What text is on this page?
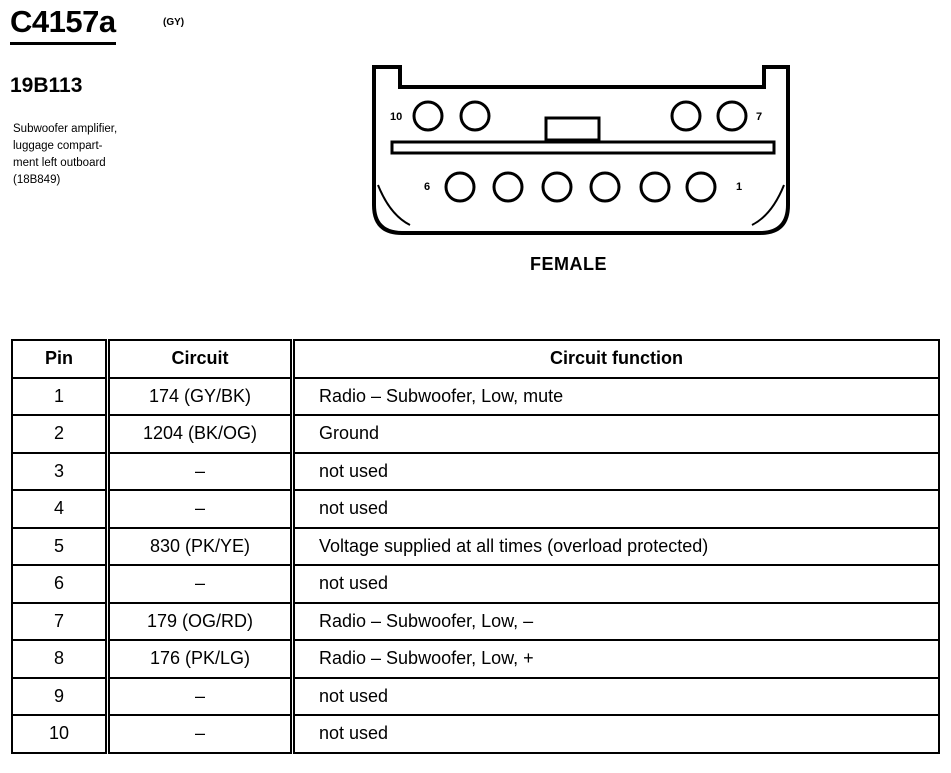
C4157a	(GY)
19B113
Subwoofer amplifier,
luggage compart-
ment left outboard
(18B849)
10	7
6	1
FEMALE
Pin	Circuit	Circuit function
1	174 (GY/BK)	Radio – Subwoofer, Low, mute
2	1204 (BK/OG)	Ground
3	–	not used
4	–	not used
5	830 (PK/YE)	Voltage supplied at all times (overload protected)
6	–	not used
7	179 (OG/RD)	Radio – Subwoofer, Low, –
8	176 (PK/LG)	Radio – Subwoofer, Low, +
9	–	not used
10	–	not used
